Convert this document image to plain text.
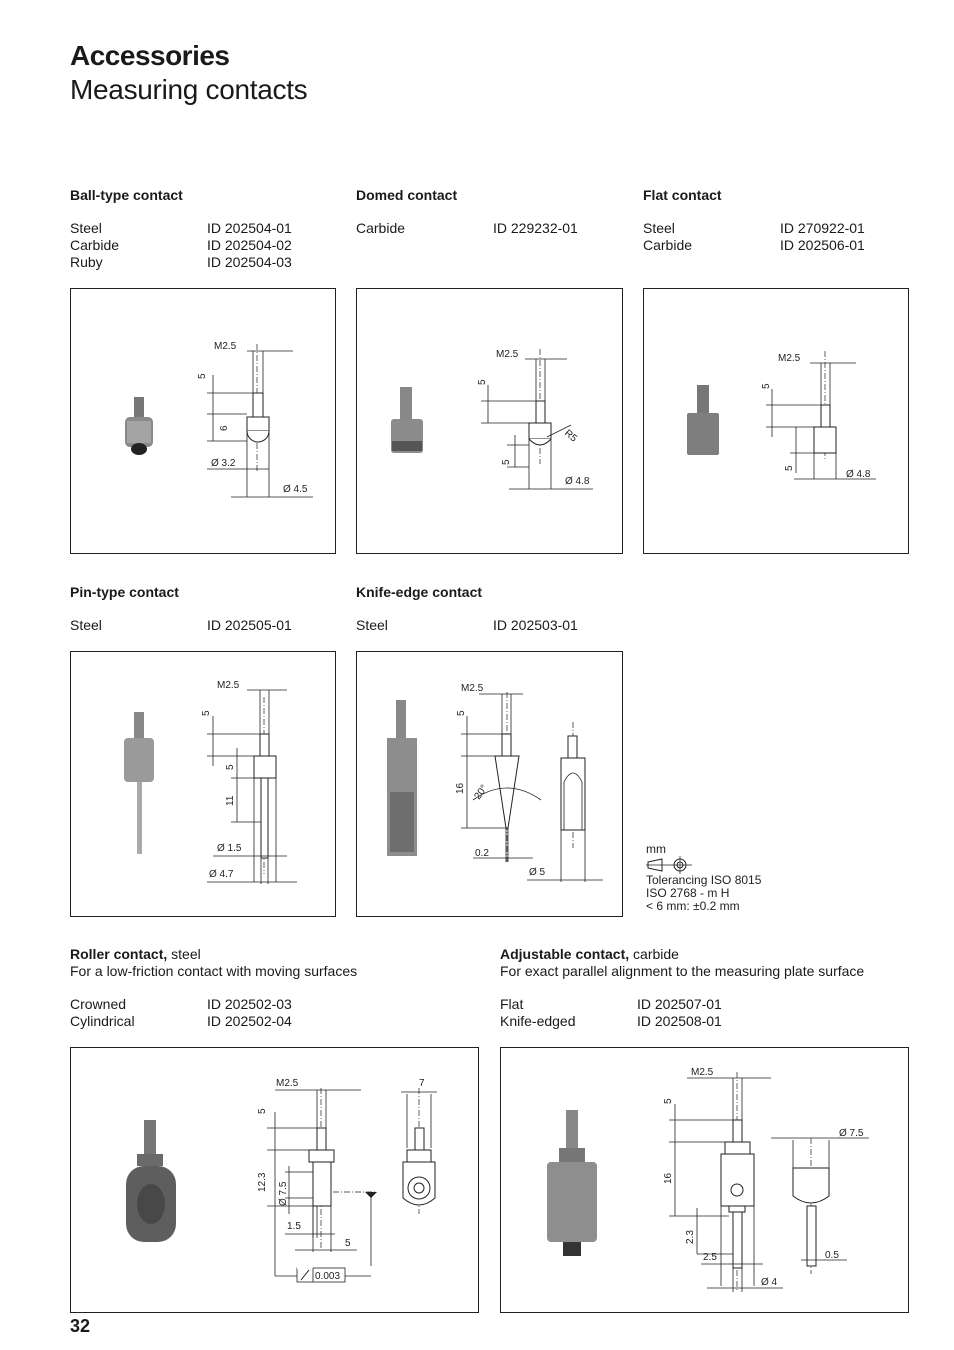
Accessories
Measuring contacts
Ball-type contact
Steel	ID 202504-01
Carbide	ID 202504-02
Ruby	ID 202504-03
M2.5
5
6
Ø 3.2
Ø 4.5
Domed contact
Carbide	ID 229232-01
M2.5
5
5
R5
Ø 4.8
Flat contact
Steel	ID 270922-01
Carbide	ID 202506-01
M2.5
5
5
Ø 4.8
Pin-type contact
Steel	ID 202505-01
M2.5
5
5
11
Ø 1.5
Ø 4.7
Knife-edge contact
Steel	ID 202503-01
M2.5
5
16 20°
0.2
Ø 5
mm
Tolerancing ISO 8015
ISO 2768 - m H
< 6 mm: ±0.2 mm
Roller contact, steel
For a low-friction contact with moving surfaces
Crowned	ID 202502-03
Cylindrical	ID 202502-04
M2.5
5
12.3 Ø 7.5
1.5
5
7
0.003
Adjustable contact, carbide
For exact parallel alignment to the measuring plate surface
Flat	ID 202507-01
Knife-edged	ID 202508-01
M2.5
5
16
2.3
Ø 7.5
2.5	0.5
Ø 4
32
